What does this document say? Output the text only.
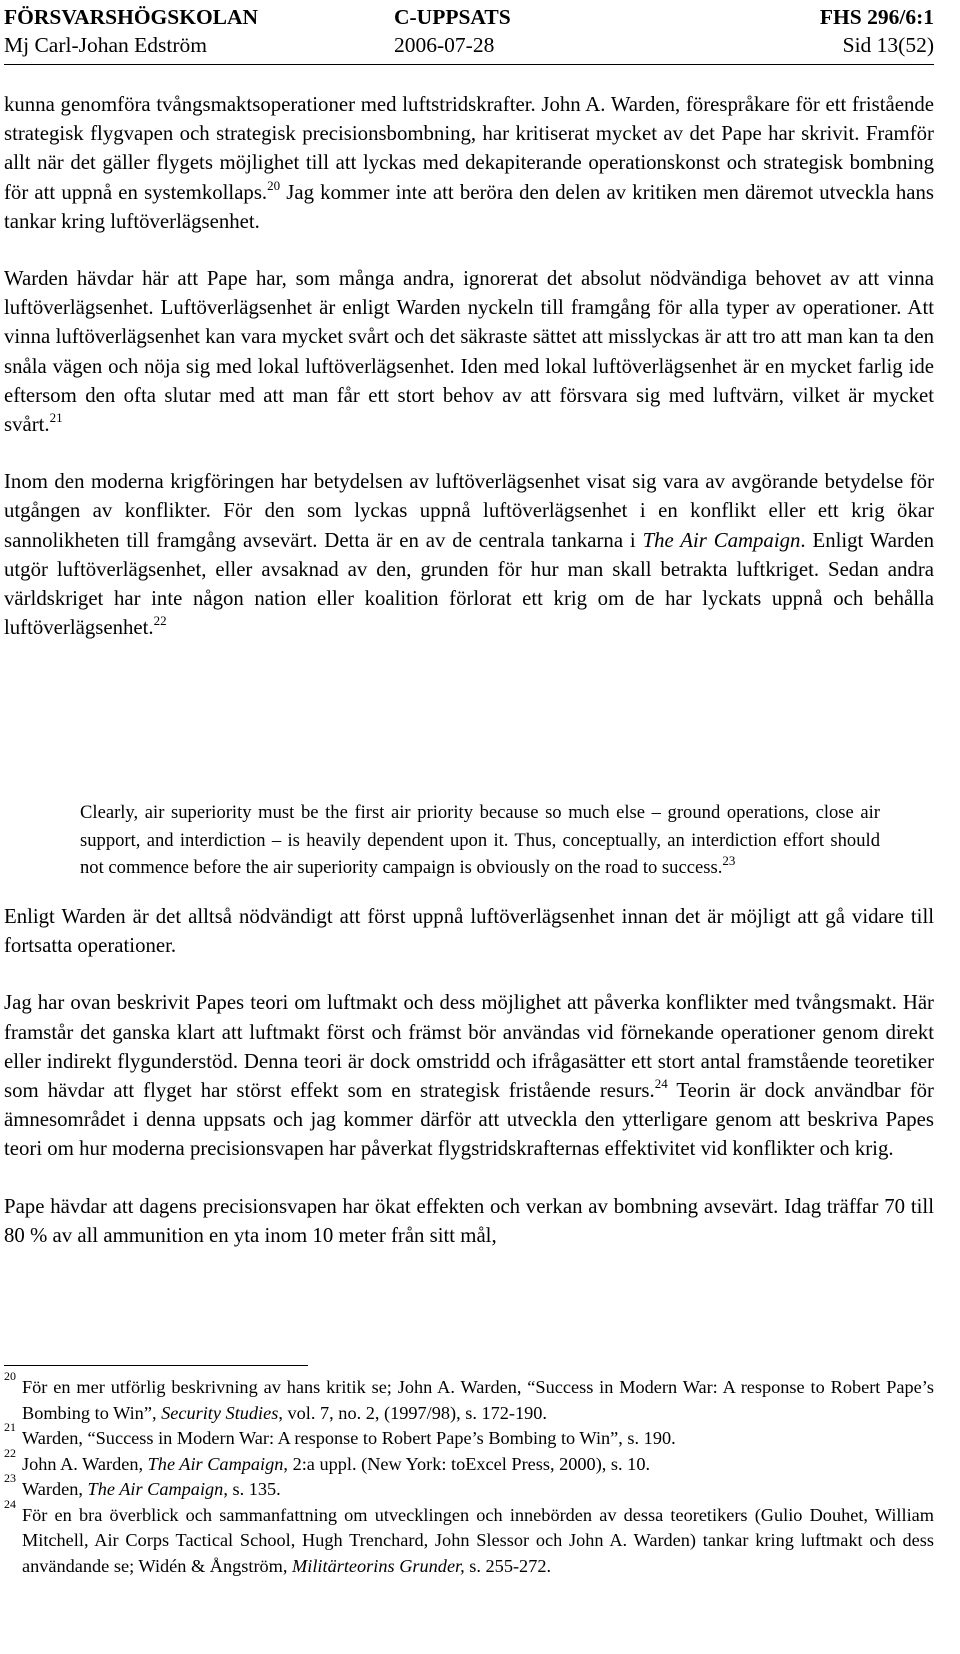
FÖRSVARSHÖGSKOLAN	C-UPPSATS	FHS 296/6:1
Mj Carl-Johan Edström	2006-07-28	Sid 13(52)

kunna genomföra tvångsmaktsoperationer med luftstridskrafter. John A. Warden, förespråkare för ett fristående strategisk flygvapen och strategisk precisionsbombning, har kritiserat mycket av det Pape har skrivit. Framför allt när det gäller flygets möjlighet till att lyckas med dekapiterande operationskonst och strategisk bombning för att uppnå en systemkollaps.$^{20}$ Jag kommer inte att beröra den delen av kritiken men däremot utveckla hans tankar kring luftöverlägsenhet.

Warden hävdar här att Pape har, som många andra, ignorerat det absolut nödvändiga behovet av att vinna luftöverlägsenhet. Luftöverlägsenhet är enligt Warden nyckeln till framgång för alla typer av operationer. Att vinna luftöverlägsenhet kan vara mycket svårt och det säkraste sättet att misslyckas är att tro att man kan ta den snåla vägen och nöja sig med lokal luftöverlägsenhet. Iden med lokal luftöverlägsenhet är en mycket farlig ide eftersom den ofta slutar med att man får ett stort behov av att försvara sig med luftvärn, vilket är mycket svårt.$^{21}$

Inom den moderna krigföringen har betydelsen av luftöverlägsenhet visat sig vara av avgörande betydelse för utgången av konflikter. För den som lyckas uppnå luftöverlägsenhet i en konflikt eller ett krig ökar sannolikheten till framgång avsevärt. Detta är en av de centrala tankarna i The Air Campaign. Enligt Warden utgör luftöverlägsenhet, eller avsaknad av den, grunden för hur man skall betrakta luftkriget. Sedan andra världskriget har inte någon nation eller koalition förlorat ett krig om de har lyckats uppnå och behålla luftöverlägsenhet.$^{22}$

Clearly, air superiority must be the first air priority because so much else – ground operations, close air support, and interdiction – is heavily dependent upon it. Thus, conceptually, an interdiction effort should not commence before the air superiority campaign is obviously on the road to success.$^{23}$

Enligt Warden är det alltså nödvändigt att först uppnå luftöverlägsenhet innan det är möjligt att gå vidare till fortsatta operationer.

Jag har ovan beskrivit Papes teori om luftmakt och dess möjlighet att påverka konflikter med tvångsmakt. Här framstår det ganska klart att luftmakt först och främst bör användas vid förnekande operationer genom direkt eller indirekt flygunderstöd. Denna teori är dock omstridd och ifrågasätter ett stort antal framstående teoretiker som hävdar att flyget har störst effekt som en strategisk fristående resurs.$^{24}$ Teorin är dock användbar för ämnesområdet i denna uppsats och jag kommer därför att utveckla den ytterligare genom att beskriva Papes teori om hur moderna precisionsvapen har påverkat flygstridskrafternas effektivitet vid konflikter och krig.

Pape hävdar att dagens precisionsvapen har ökat effekten och verkan av bombning avsevärt. Idag träffar 70 till 80 % av all ammunition en yta inom 10 meter från sitt mål,

20
För en mer utförlig beskrivning av hans kritik se; John A. Warden, “Success in Modern War: A response to Robert Pape’s Bombing to Win”, Security Studies, vol. 7, no. 2, (1997/98), s. 172-190.
21
Warden, “Success in Modern War: A response to Robert Pape’s Bombing to Win”, s. 190.
22
John A. Warden, The Air Campaign, 2:a uppl. (New York: toExcel Press, 2000), s. 10.
23
Warden, The Air Campaign, s. 135.
24
För en bra överblick och sammanfattning om utvecklingen och innebörden av dessa teoretikers (Gulio Douhet, William Mitchell, Air Corps Tactical School, Hugh Trenchard, John Slessor och John A. Warden) tankar kring luftmakt och dess användande se; Widén & Ångström, Militärteorins Grunder, s. 255-272.
